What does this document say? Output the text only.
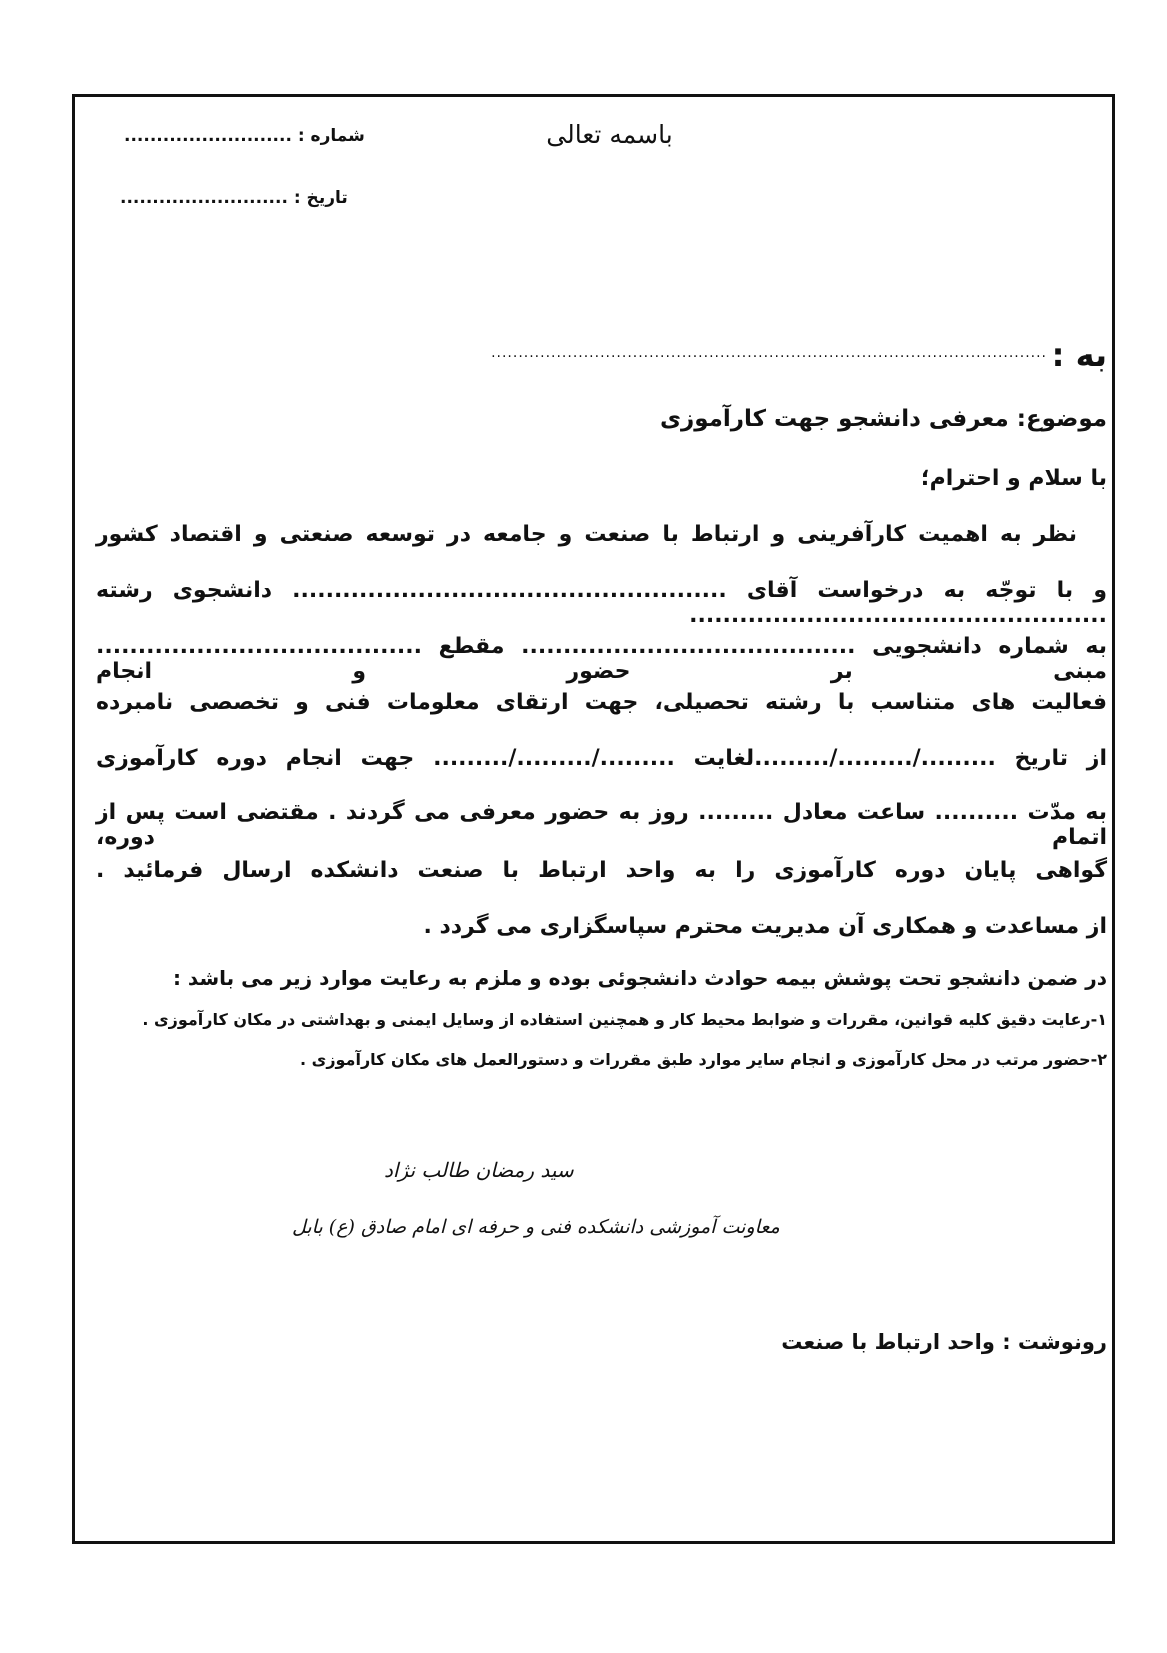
باسمه تعالی
شماره : ..........................
تاریخ : ..........................
به :
......................................................................................................
موضوع: معرفی دانشجو جهت کارآموزی
با سلام و احترام؛
نظر به اهمیت کارآفرینی و ارتباط با صنعت و جامعه در توسعه صنعتی و اقتصاد کشور
و با توجّه به درخواست آقای .................................................... دانشجوی رشته ..................................................
به شماره دانشجویی ........................................ مقطع ....................................... مبنی بر حضور و انجام
فعالیت های متناسب با رشته تحصیلی، جهت ارتقای معلومات فنی و تخصصی نامبرده
از تاریخ ........./........./.........لغایت ........./........./......... جهت انجام دوره کارآموزی
به مدّت .......... ساعت معادل ......... روز به حضور معرفی می گردند . مقتضی است پس از اتمام دوره،
گواهی پایان دوره کارآموزی را به واحد ارتباط با صنعت دانشکده ارسال فرمائید .
از مساعدت و همکاری آن مدیریت محترم سپاسگزاری می گردد .
در ضمن دانشجو تحت پوشش بیمه حوادث دانشجوئی بوده و ملزم به رعایت موارد زیر می باشد :
۱-رعایت دقیق کلیه قوانین، مقررات و ضوابط محیط کار و همچنین استفاده از وسایل ایمنی و بهداشتی در مکان کارآموزی .
۲-حضور مرتب در محل کارآموزی و انجام سایر موارد طبق مقررات و دستورالعمل های مکان کارآموزی .
سید رمضان طالب نژاد
معاونت آموزشی دانشکده فنی و حرفه ای امام صادق (ع) بابل
رونوشت : واحد ارتباط با صنعت
